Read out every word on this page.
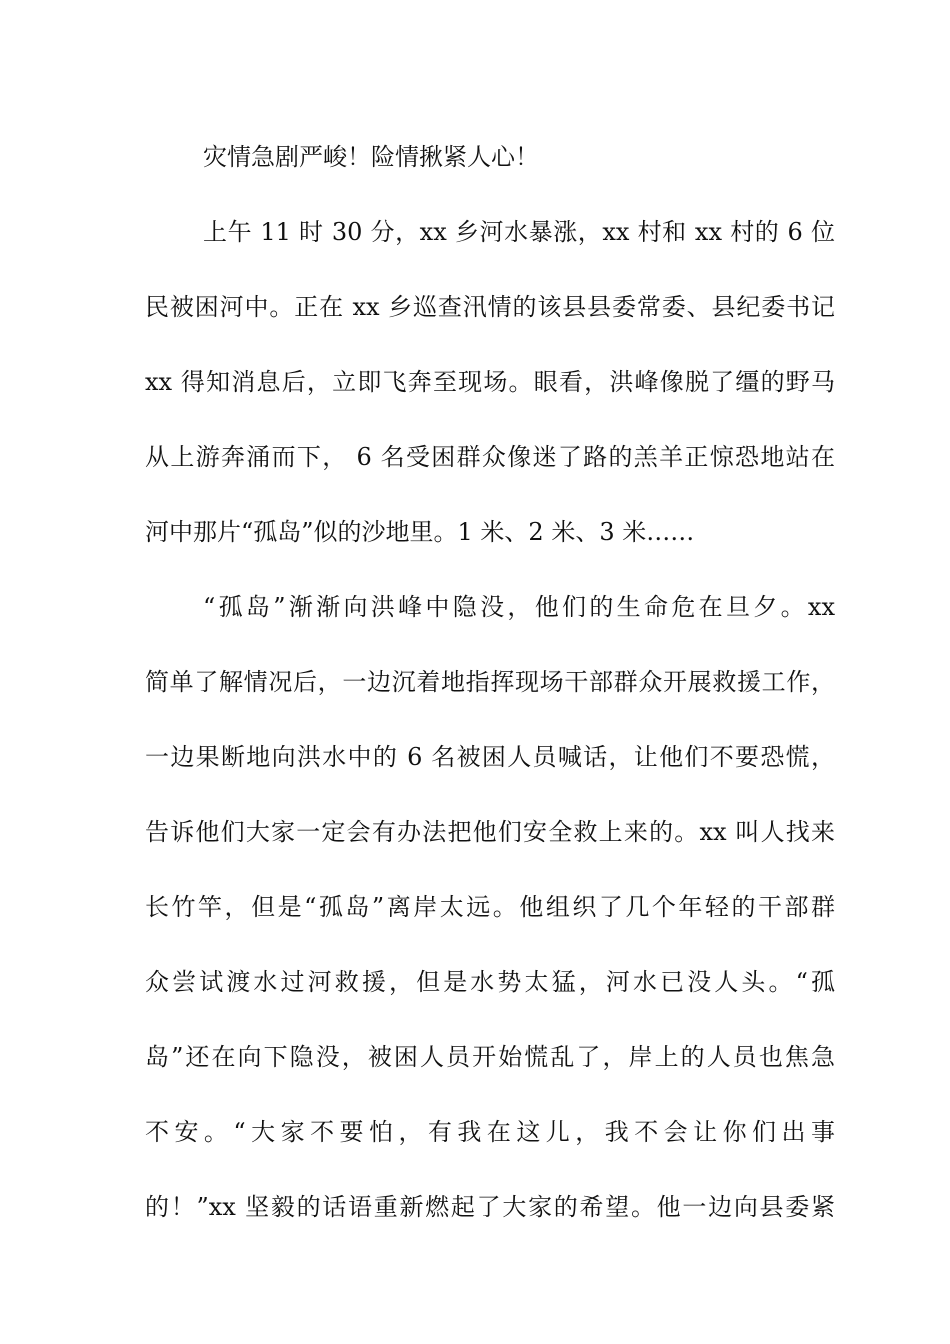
灾情急剧严峻！险情揪紧人心！
上午 11 时 30 分，xx 乡河水暴涨，xx 村和 xx 村的 6 位
民被困河中。正在 xx 乡巡查汛情的该县县委常委、县纪委书记
xx 得知消息后，立即飞奔至现场。眼看，洪峰像脱了缰的野马
从上游奔涌而下， 6 名受困群众像迷了路的羔羊正惊恐地站在
河中那片“孤岛”似的沙地里。1 米、2 米、3 米……
“孤岛”渐渐向洪峰中隐没，他们的生命危在旦夕。xx
简单了解情况后，一边沉着地指挥现场干部群众开展救援工作，
一边果断地向洪水中的 6 名被困人员喊话，让他们不要恐慌，
告诉他们大家一定会有办法把他们安全救上来的。xx 叫人找来
长竹竿，但是“孤岛”离岸太远。他组织了几个年轻的干部群
众尝试渡水过河救援，但是水势太猛，河水已没人头。“孤
岛”还在向下隐没，被困人员开始慌乱了，岸上的人员也焦急
不安。“大家不要怕，有我在这儿，我不会让你们出事
的！”xx 坚毅的话语重新燃起了大家的希望。他一边向县委紧
